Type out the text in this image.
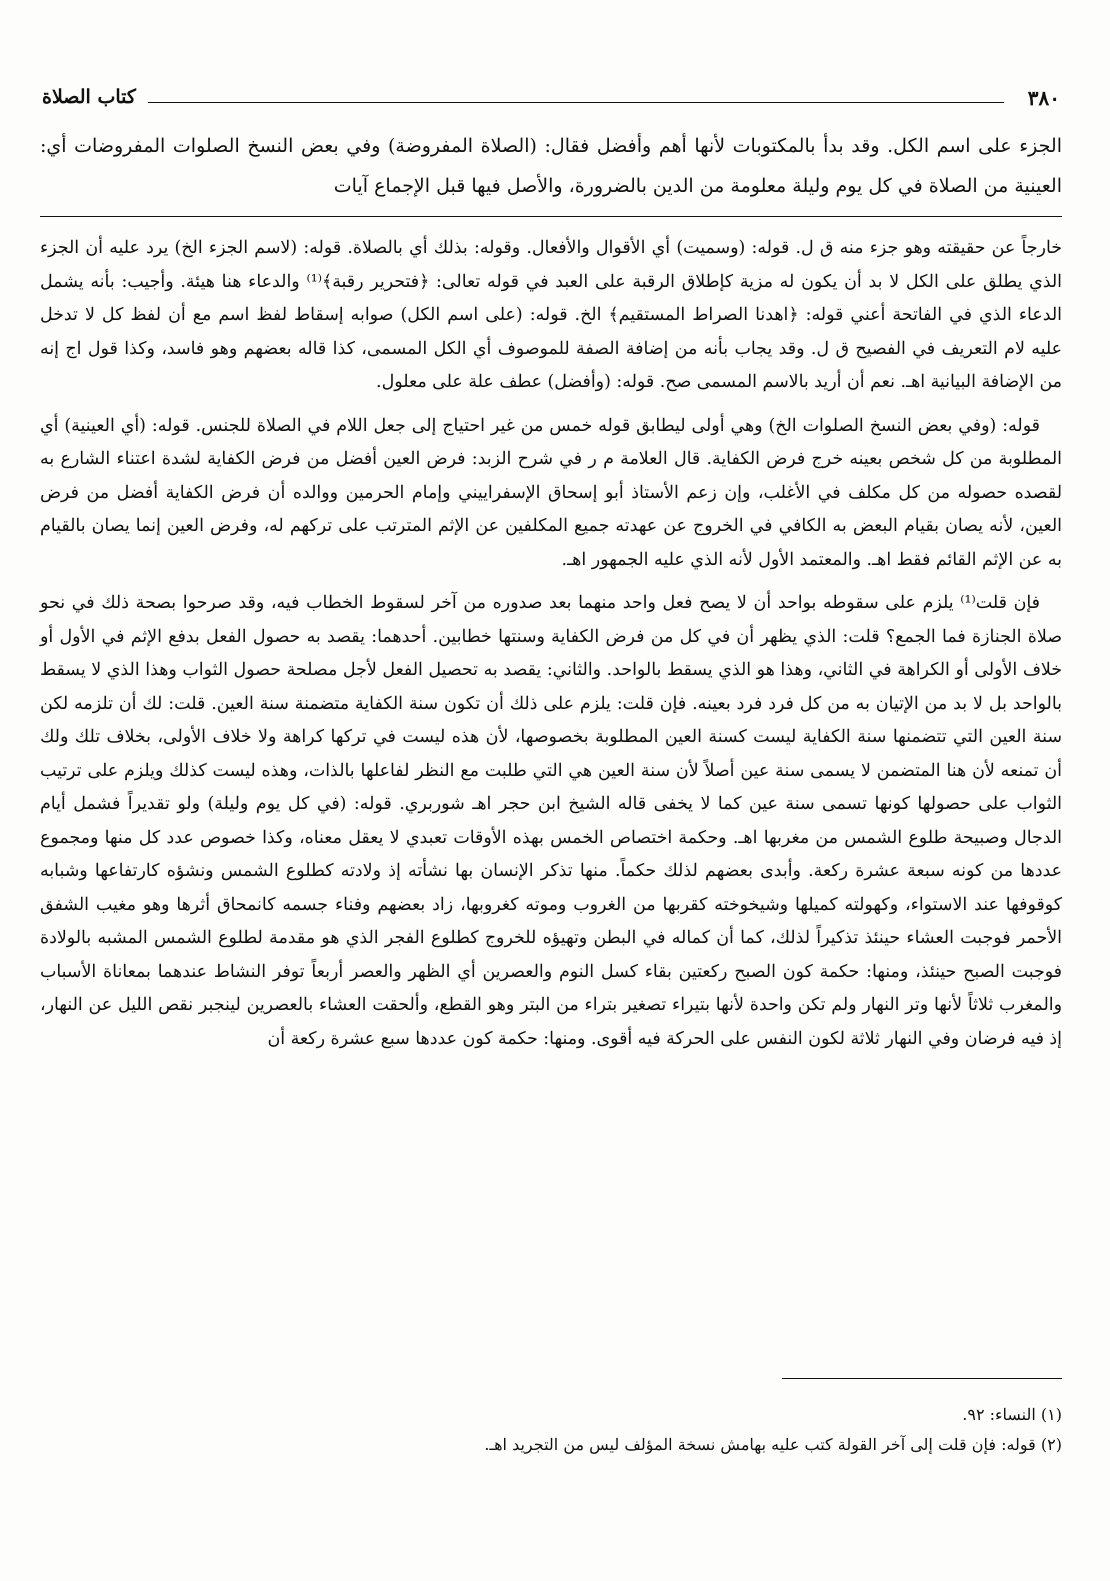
٣٨٠
كتاب الصلاة
الجزء على اسم الكل. وقد بدأ بالمكتوبات لأنها أهم وأفضل فقال: (الصلاة المفروضة) وفي بعض النسخ الصلوات المفروضات أي: العينية من الصلاة في كل يوم وليلة معلومة من الدين بالضرورة، والأصل فيها قبل الإجماع آيات

خارجاً عن حقيقته وهو جزء منه ق ل. قوله: (وسميت) أي الأقوال والأفعال. وقوله: بذلك أي بالصلاة. قوله: (لاسم الجزء الخ) يرد عليه أن الجزء الذي يطلق على الكل لا بد أن يكون له مزية كإطلاق الرقبة على العبد في قوله تعالى: ﴿فتحرير رقبة﴾⁽¹⁾ والدعاء هنا هيئة. وأجيب: بأنه يشمل الدعاء الذي في الفاتحة أعني قوله: ﴿اهدنا الصراط المستقيم﴾ الخ. قوله: (على اسم الكل) صوابه إسقاط لفظ اسم مع أن لفظ كل لا تدخل عليه لام التعريف في الفصيح ق ل. وقد يجاب بأنه من إضافة الصفة للموصوف أي الكل المسمى، كذا قاله بعضهم وهو فاسد، وكذا قول اج إنه من الإضافة البيانية اهـ. نعم أن أريد بالاسم المسمى صح. قوله: (وأفضل) عطف علة على معلول.

قوله: (وفي بعض النسخ الصلوات الخ) وهي أولى ليطابق قوله خمس من غير احتياج إلى جعل اللام في الصلاة للجنس. قوله: (أي العينية) أي المطلوبة من كل شخص بعينه خرج فرض الكفاية. قال العلامة م ر في شرح الزبد: فرض العين أفضل من فرض الكفاية لشدة اعتناء الشارع به لقصده حصوله من كل مكلف في الأغلب، وإن زعم الأستاذ أبو إسحاق الإسفراييني وإمام الحرمين ووالده أن فرض الكفاية أفضل من فرض العين، لأنه يصان بقيام البعض به الكافي في الخروج عن عهدته جميع المكلفين عن الإثم المترتب على تركهم له، وفرض العين إنما يصان بالقيام به عن الإثم القائم فقط اهـ. والمعتمد الأول لأنه الذي عليه الجمهور اهـ.

فإن قلت⁽¹⁾ يلزم على سقوطه بواحد أن لا يصح فعل واحد منهما بعد صدوره من آخر لسقوط الخطاب فيه، وقد صرحوا بصحة ذلك في نحو صلاة الجنازة فما الجمع؟ قلت: الذي يظهر أن في كل من فرض الكفاية وسنتها خطابين. أحدهما: يقصد به حصول الفعل بدفع الإثم في الأول أو خلاف الأولى أو الكراهة في الثاني، وهذا هو الذي يسقط بالواحد. والثاني: يقصد به تحصيل الفعل لأجل مصلحة حصول الثواب وهذا الذي لا يسقط بالواحد بل لا بد من الإتيان به من كل فرد فرد بعينه. فإن قلت: يلزم على ذلك أن تكون سنة الكفاية متضمنة سنة العين. قلت: لك أن تلزمه لكن سنة العين التي تتضمنها سنة الكفاية ليست كسنة العين المطلوبة بخصوصها، لأن هذه ليست في تركها كراهة ولا خلاف الأولى، بخلاف تلك ولك أن تمنعه لأن هنا المتضمن لا يسمى سنة عين أصلاً لأن سنة العين هي التي طلبت مع النظر لفاعلها بالذات، وهذه ليست كذلك ويلزم على ترتيب الثواب على حصولها كونها تسمى سنة عين كما لا يخفى قاله الشيخ ابن حجر اهـ شوربري. قوله: (في كل يوم وليلة) ولو تقديراً فشمل أيام الدجال وصبيحة طلوع الشمس من مغربها اهـ. وحكمة اختصاص الخمس بهذه الأوقات تعبدي لا يعقل معناه، وكذا خصوص عدد كل منها ومجموع عددها من كونه سبعة عشرة ركعة. وأبدى بعضهم لذلك حكماً. منها تذكر الإنسان بها نشأته إذ ولادته كطلوع الشمس ونشؤه كارتفاعها وشبابه كوقوفها عند الاستواء، وكهولته كميلها وشيخوخته كقربها من الغروب وموته كغروبها، زاد بعضهم وفناء جسمه كانمحاق أثرها وهو مغيب الشفق الأحمر فوجبت العشاء حينئذ تذكيراً لذلك، كما أن كماله في البطن وتهيؤه للخروج كطلوع الفجر الذي هو مقدمة لطلوع الشمس المشبه بالولادة فوجبت الصبح حينئذ، ومنها: حكمة كون الصبح ركعتين بقاء كسل النوم والعصرين أي الظهر والعصر أربعاً توفر النشاط عندهما بمعاناة الأسباب والمغرب ثلاثاً لأنها وتر النهار ولم تكن واحدة لأنها بتيراء تصغير بتراء من البتر وهو القطع، وألحقت العشاء بالعصرين لينجبر نقص الليل عن النهار، إذ فيه فرضان وفي النهار ثلاثة لكون النفس على الحركة فيه أقوى. ومنها: حكمة كون عددها سبع عشرة ركعة أن

(١) النساء: ٩٢.

(٢) قوله: فإن قلت إلى آخر القولة كتب عليه بهامش نسخة المؤلف ليس من التجريد اهـ.
